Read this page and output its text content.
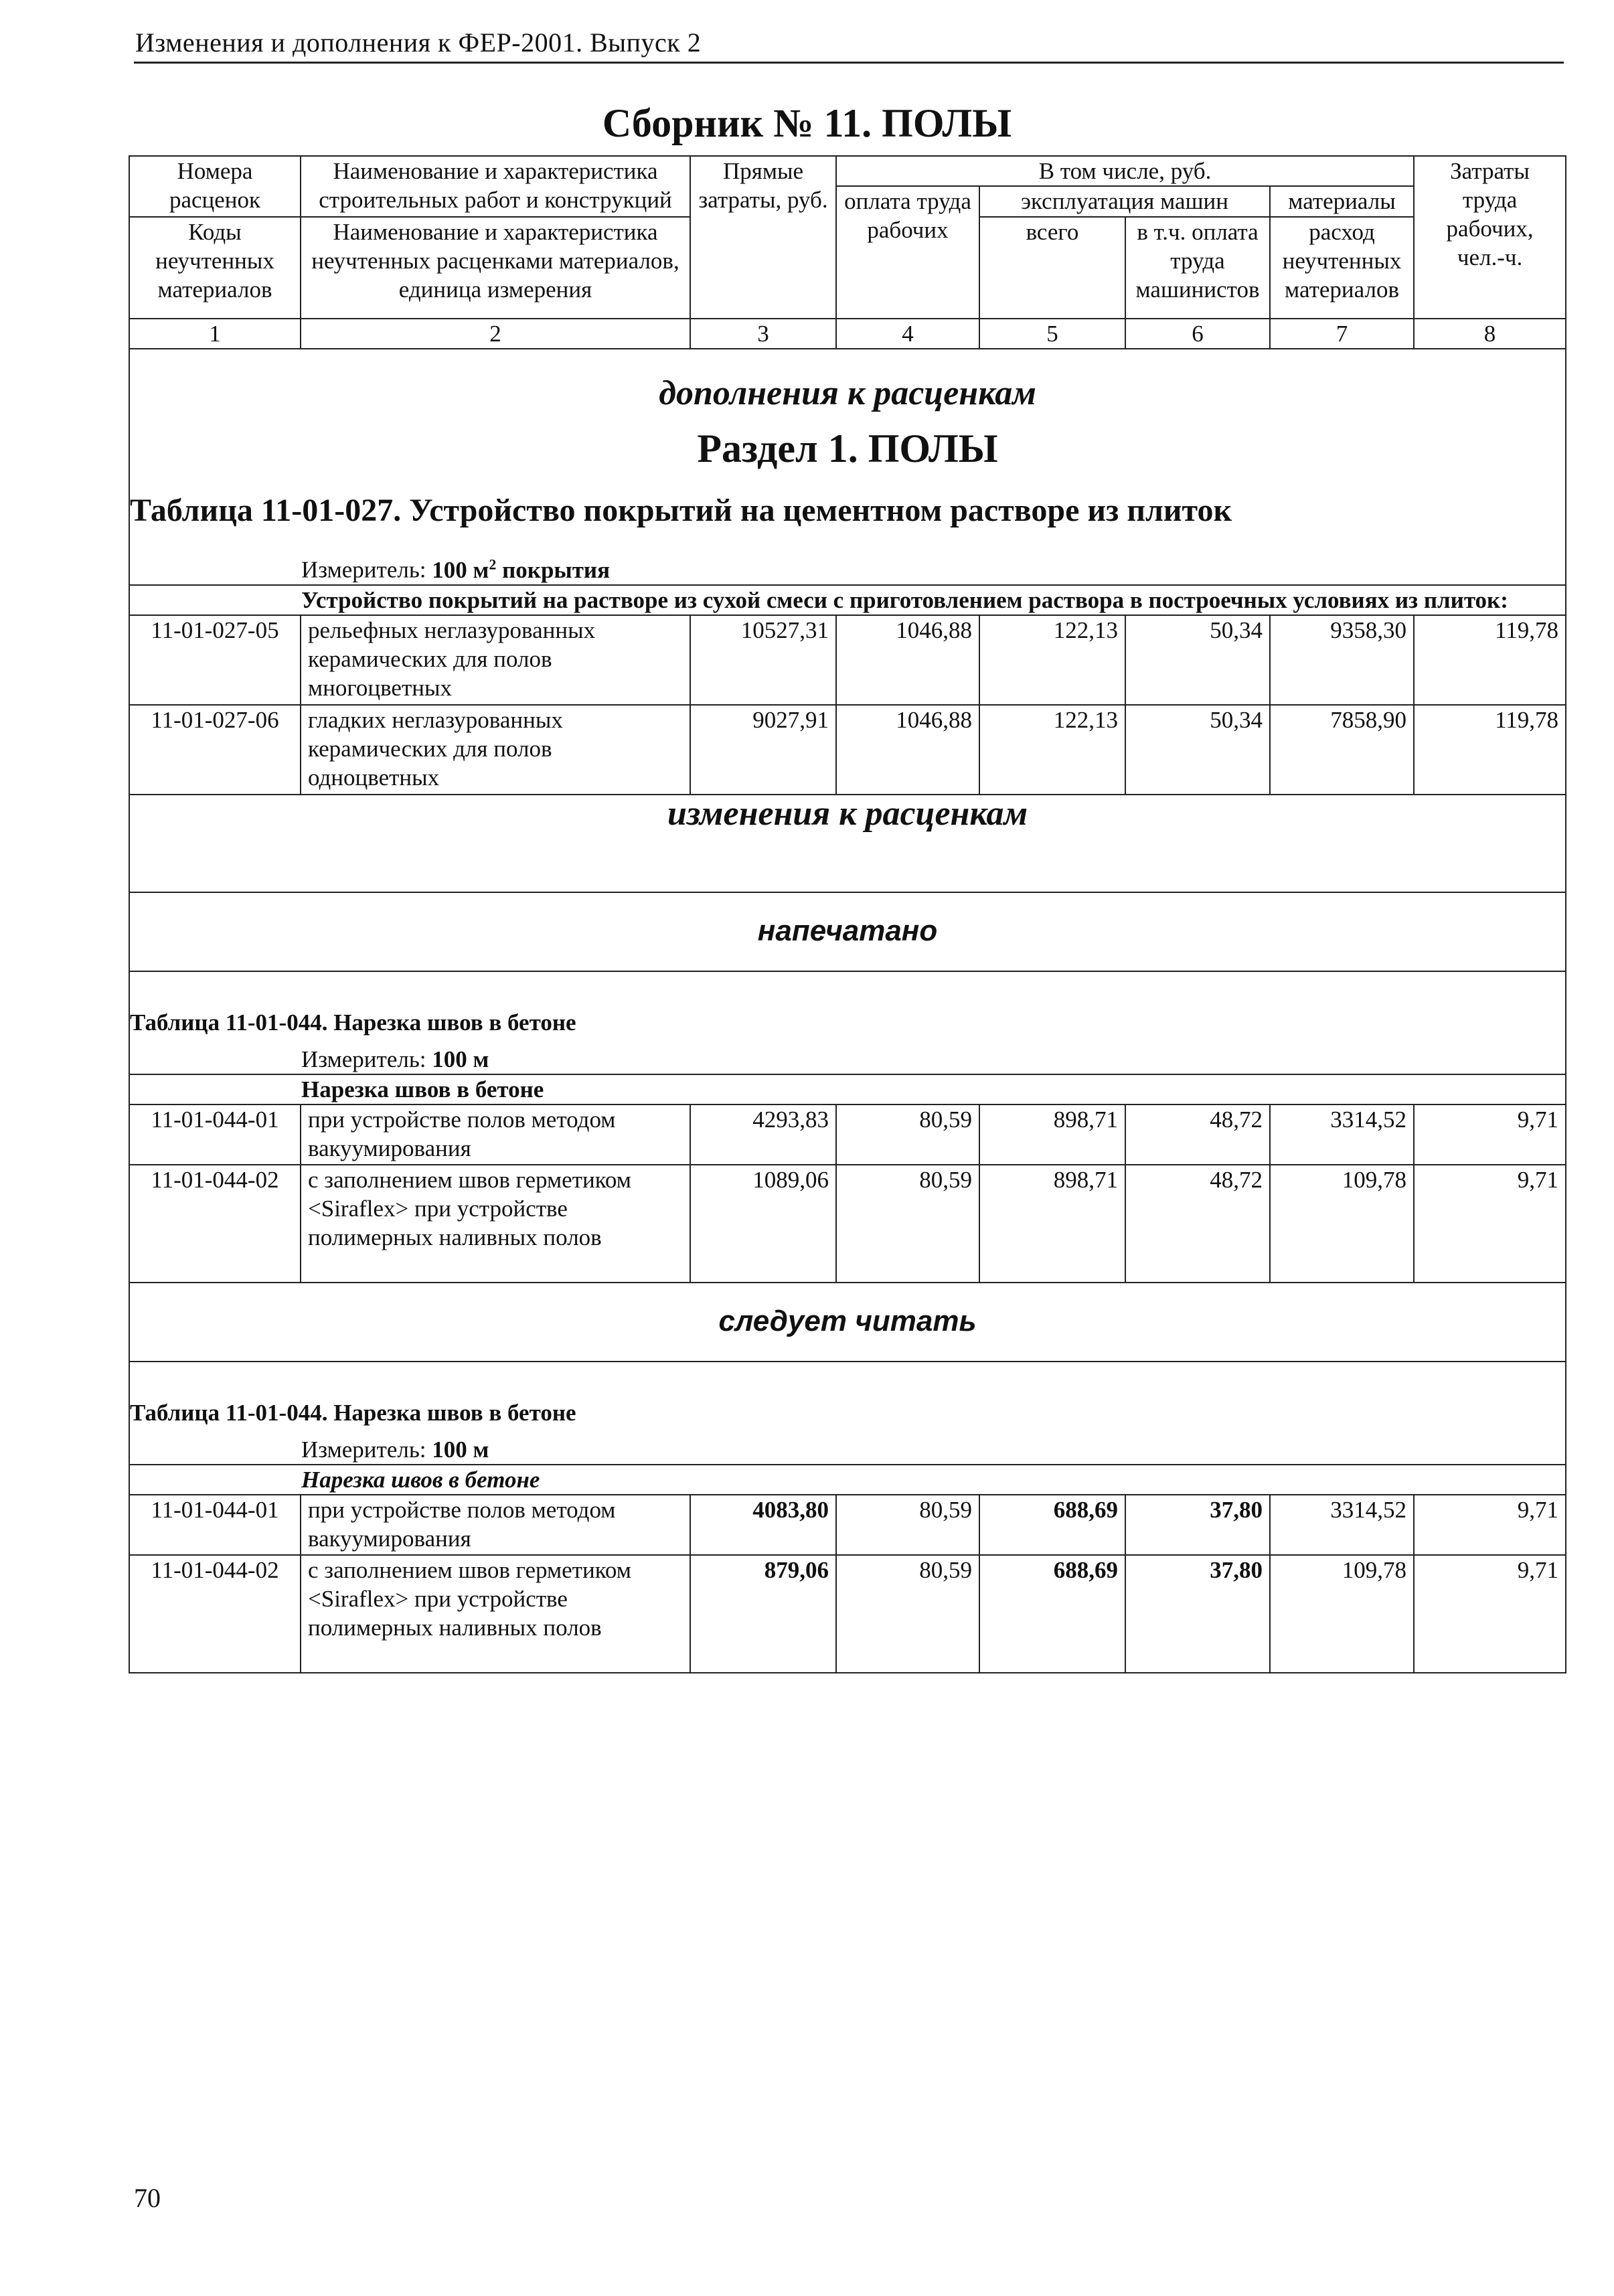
Изменения и дополнения к ФЕР-2001. Выпуск 2
Сборник № 11. ПОЛЫ
Номера расценок	Наименование и характеристика строительных работ и конструкций	Прямые затраты, руб.	В том числе, руб.				Затраты труда рабочих, чел.-ч.
			оплата труда рабочих	эксплуатация машин		материалы	
Коды неучтенных материалов	Наименование и характеристика неучтенных расценками материалов, единица измерения			всего	в т.ч. оплата труда машинистов	расход неучтенных материалов	

1	2	3	4	5	6	7	8

дополнения к расценкам
Раздел 1. ПОЛЫ
Таблица 11-01-027. Устройство покрытий на цементном растворе из плиток							

Измеритель: 100 $м^2$ покрытия							
Устройство покрытий на растворе из сухой смеси с приготовлением раствора в построечных условиях из плиток:							
11-01-027-05	рельефных неглазурованных керамических для полов многоцветных	10527,31	1046,88	122,13	50,34	9358,30	119,78
11-01-027-06	гладких неглазурованных керамических для полов одноцветных	9027,91	1046,88	122,13	50,34	7858,90	119,78
изменения к расценкам							
напечатано							
Таблица 11-01-044. Нарезка швов в бетоне							
Измеритель: 100 м							
Нарезка швов в бетоне							
11-01-044-01	при устройстве полов методом вакуумирования	4293,83	80,59	898,71	48,72	3314,52	9,71
11-01-044-02	с заполнением швов герметиком <Siraflex> при устройстве полимерных наливных полов	1089,06	80,59	898,71	48,72	109,78	9,71
следует читать							
Таблица 11-01-044. Нарезка швов в бетоне							
Измеритель: 100 м							
Нарезка швов в бетоне							
11-01-044-01	при устройстве полов методом вакуумирования	4083,80	80,59	688,69	37,80	3314,52	9,71
11-01-044-02	с заполнением швов герметиком <Siraflex> при устройстве полимерных наливных полов	879,06	80,59	688,69	37,80	109,78	9,71
70
